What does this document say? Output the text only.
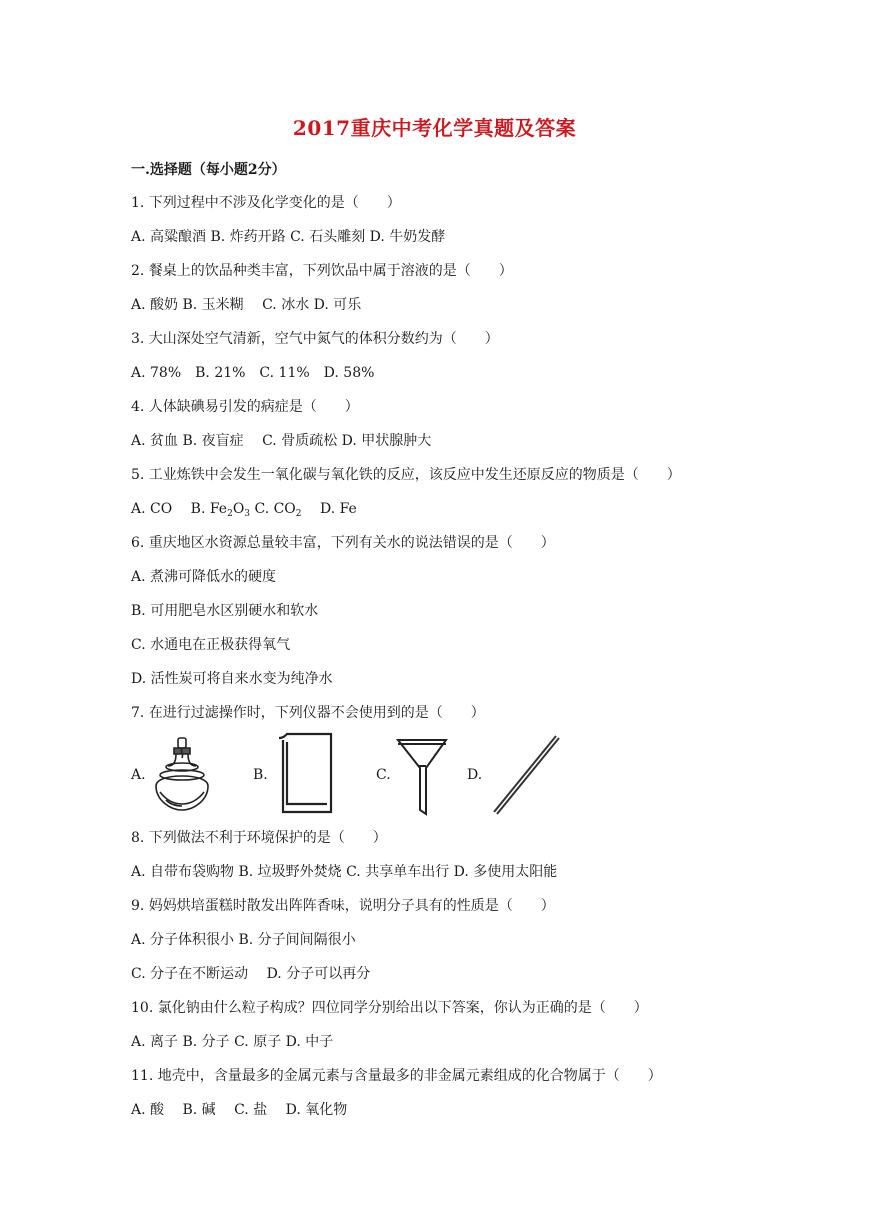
2017重庆中考化学真题及答案
一.选择题（每小题2分）
1. 下列过程中不涉及化学变化的是（　　）
A. 高粱酿酒 B. 炸药开路 C. 石头雕刻 D. 牛奶发酵
2. 餐桌上的饮品种类丰富，下列饮品中属于溶液的是（　　）
A. 酸奶 B. 玉米糊　 C. 冰水 D. 可乐
3. 大山深处空气清新，空气中氮气的体积分数约为（　　）
A. 78%　B. 21%　C. 11%　D. 58%
4. 人体缺碘易引发的病症是（　　）
A. 贫血 B. 夜盲症　 C. 骨质疏松 D. 甲状腺肿大
5. 工业炼铁中会发生一氧化碳与氧化铁的反应，该反应中发生还原反应的物质是（　　）
A. CO　 B. $Fe_2O_3$ C. $CO_2$　 D. Fe
6. 重庆地区水资源总量较丰富，下列有关水的说法错误的是（　　）
A. 煮沸可降低水的硬度
B. 可用肥皂水区别硬水和软水
C. 水通电在正极获得氧气
D. 活性炭可将自来水变为纯净水
7. 在进行过滤操作时，下列仪器不会使用到的是（　　）
A.	B.	C.	D.
8. 下列做法不利于环境保护的是（　　）
A. 自带布袋购物 B. 垃圾野外焚烧 C. 共享单车出行 D. 多使用太阳能
9. 妈妈烘培蛋糕时散发出阵阵香味，说明分子具有的性质是（　　）
A. 分子体积很小 B. 分子间间隔很小
C. 分子在不断运动　 D. 分子可以再分
10. 氯化钠由什么粒子构成？四位同学分别给出以下答案，你认为正确的是（　　）
A. 离子 B. 分子 C. 原子 D. 中子
11. 地壳中，含量最多的金属元素与含量最多的非金属元素组成的化合物属于（　　）
A. 酸　 B. 碱　 C. 盐　 D. 氧化物
